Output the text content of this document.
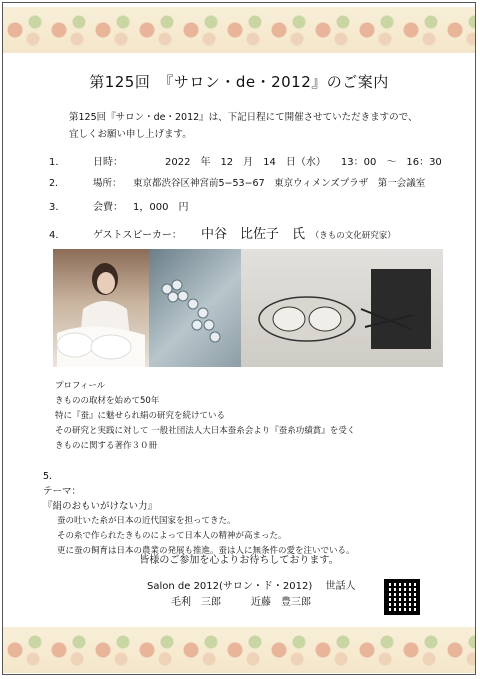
第125回　『サロン・de・2012』のご案内
第125回『サロン・de・2012』は、下記日程にて開催させていただきますので、
宜しくお願い申し上げます。
1．	日時：	2022　年　12　月　14　日（水）　　13：00　～　16：30
2．	場所： 東京都渋谷区神宮前5−53−67　東京ウィメンズプラザ　第一会議室
3．	会費： 1，000　円
4．	ゲストスピーカー： 中谷　比佐子　氏　 （きもの文化研究家）
プロフィール
きものの取材を始めて50年
特に『蚕』に魅せられ絹の研究を続けている
その研究と実践に対して 一般社団法人大日本蚕糸会より『蚕糸功績賞』を受く
きものに関する著作３０冊
5．
テーマ：
『絹のおもいがけない力』
蚕の吐いた糸が日本の近代国家を担ってきた。
その糸で作られたきものによって日本人の精神が高まった。
更に蚕の飼育は日本の農業の発展も推進。蚕は人に無条件の愛を注いでいる。
皆様のご参加を心よりお待ちしております。
Salon de 2012(サロン・ド・2012)　 世話人
毛利　三郎　　　近藤　豊三郎
